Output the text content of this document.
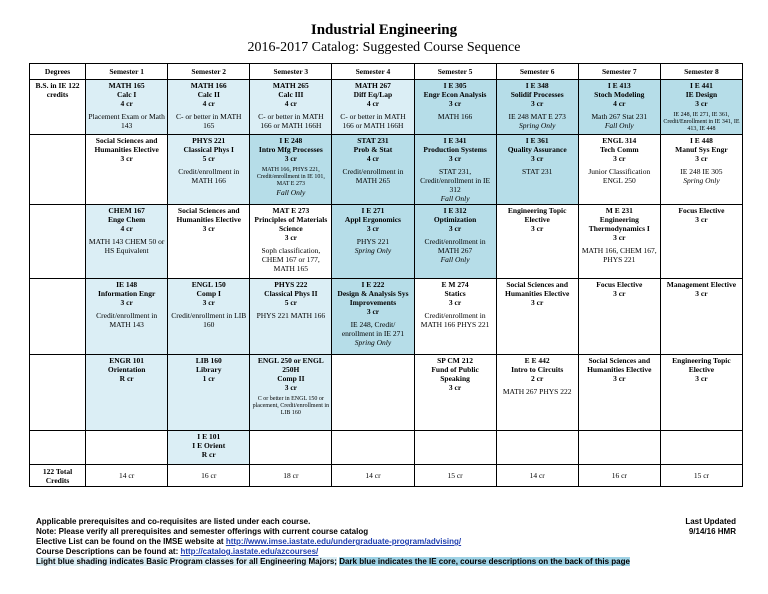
Industrial Engineering
2016-2017 Catalog: Suggested Course Sequence
Degrees	Semester 1	Semester 2	Semester 3	Semester 4	Semester 5	Semester 6	Semester 7	Semester 8
B.S. in IE 122 credits	MATH 165
Calc I
4 cr
Placement Exam or Math 143	MATH 166
Calc II
4 cr
C- or better in MATH 165	MATH 265
Calc III
4 cr
C- or better in MATH 166 or MATH 166H	MATH 267
Diff Eq/Lap
4 cr
C- or better in MATH 166 or MATH 166H	I E 305
Engr Econ Analysis
3 cr
MATH 166	I E 348
Solidif Processes
3 cr
IE 248 MAT E 273
Spring Only	I E 413
Stoch Modeling
4 cr
Math 267 Stat 231
Fall Only	I E 441
IE Design
3 cr
IE 248, IE 271, IE 361, Credit/Enrollment in IE 341, IE 413, IE 448

	Social Sciences and Humanities Elective
3 cr	PHYS 221
Classical Phys I
5 cr
Credit/enrollment in MATH 166	I E 248
Intro Mfg Processes
3 cr
MATH 166, PHYS 221, Credit/enrollment in IE 101, MAT E 273
Fall Only	STAT 231
Prob & Stat
4 cr
Credit/enrollment in MATH 265	I E 341
Production Systems
3 cr
STAT 231, Credit/enrollment in IE 312
Fall Only	I E 361
Quality Assurance
3 cr
STAT 231	ENGL 314
Tech Comm
3 cr
Junior Classification ENGL 250	I E 448
Manuf Sys Engr
3 cr
IE 248 IE 305
Spring Only

	CHEM 167
Enge Chem
4 cr
MATH 143 CHEM 50 or HS Equivalent	Social Sciences and Humanities Elective
3 cr	MAT E 273
Principles of Materials Science
3 cr
Soph classification, CHEM 167 or 177, MATH 165	I E 271
Appl Ergonomics
3 cr
PHYS 221
Spring Only	I E 312
Optimization
3 cr
Credit/enrollment in MATH 267
Fall Only	Engineering Topic Elective
3 cr	M E 231
Engineering Thermodynamics I
3 cr
MATH 166, CHEM 167, PHYS 221	Focus Elective
3 cr

	IE 148
Information Engr
3 cr
Credit/enrollment in MATH 143	ENGL 150
Comp I
3 cr
Credit/enrollment in LIB 160	PHYS 222
Classical Phys II
5 cr
PHYS 221 MATH 166	I E 222
Design & Analysis Sys Improvements
3 cr
IE 248, Credit/ enrollment in IE 271
Spring Only	E M 274
Statics
3 cr
Credit/enrollment in MATH 166 PHYS 221	Social Sciences and Humanities Elective
3 cr	Focus Elective
3 cr	Management Elective
3 cr

	ENGR 101
Orientation
R cr	LIB 160
Library
1 cr	ENGL 250 or ENGL 250H
Comp II
3 cr
C or better in ENGL 150 or placement, Credit/enrollment in LIB 160		SP CM 212
Fund of Public Speaking
3 cr	E E 442
Intro to Circuits
2 cr
MATH 267 PHYS 222	Social Sciences and Humanities Elective
3 cr	Engineering Topic Elective
3 cr

		I E 101
I E Orient
R cr						

122 Total Credits	14 cr	16 cr	18 cr	14 cr	15 cr	14 cr	16 cr	15 cr
Applicable prerequisites and co-requisites are listed under each course.
Note: Please verify all prerequisites and semester offerings with current course catalog
Elective List can be found on the IMSE website at http://www.imse.iastate.edu/undergraduate-program/advising/
Course Descriptions can be found at: http://catalog.iastate.edu/azcourses/
Light blue shading indicates Basic Program classes for all Engineering Majors; Dark blue indicates the IE core, course descriptions on the back of this page
Last Updated
9/14/16 HMR
